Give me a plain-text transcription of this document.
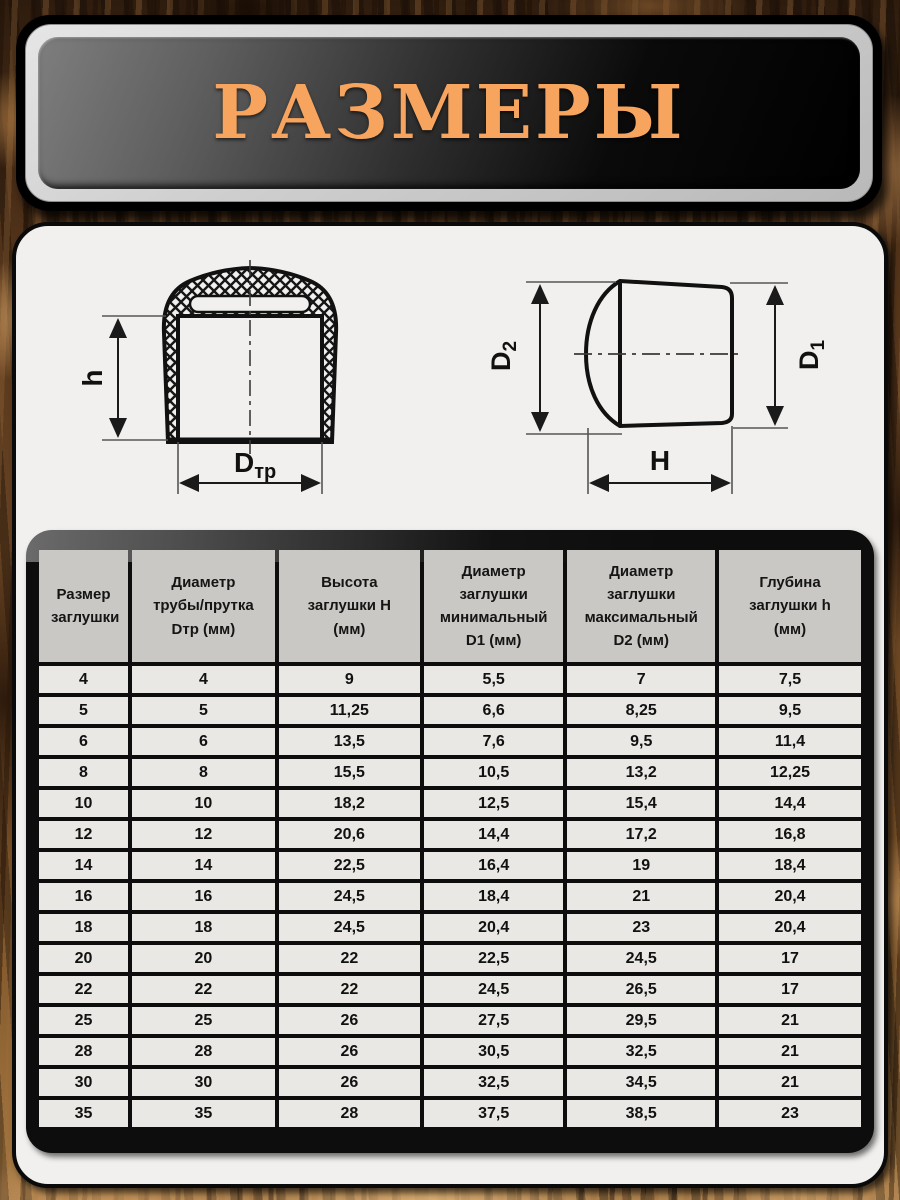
РАЗМЕРЫ
h
Dтр
D2
D1
H
Размер заглушки	Диаметр трубы/прутка Dтр (мм)	Высота заглушки H (мм)	Диаметр заглушки минимальный D1 (мм)	Диаметр заглушки максимальный D2 (мм)	Глубина заглушки h (мм)
4	4	9	5,5	7	7,5
5	5	11,25	6,6	8,25	9,5
6	6	13,5	7,6	9,5	11,4
8	8	15,5	10,5	13,2	12,25
10	10	18,2	12,5	15,4	14,4
12	12	20,6	14,4	17,2	16,8
14	14	22,5	16,4	19	18,4
16	16	24,5	18,4	21	20,4
18	18	24,5	20,4	23	20,4
20	20	22	22,5	24,5	17
22	22	22	24,5	26,5	17
25	25	26	27,5	29,5	21
28	28	26	30,5	32,5	21
30	30	26	32,5	34,5	21
35	35	28	37,5	38,5	23
